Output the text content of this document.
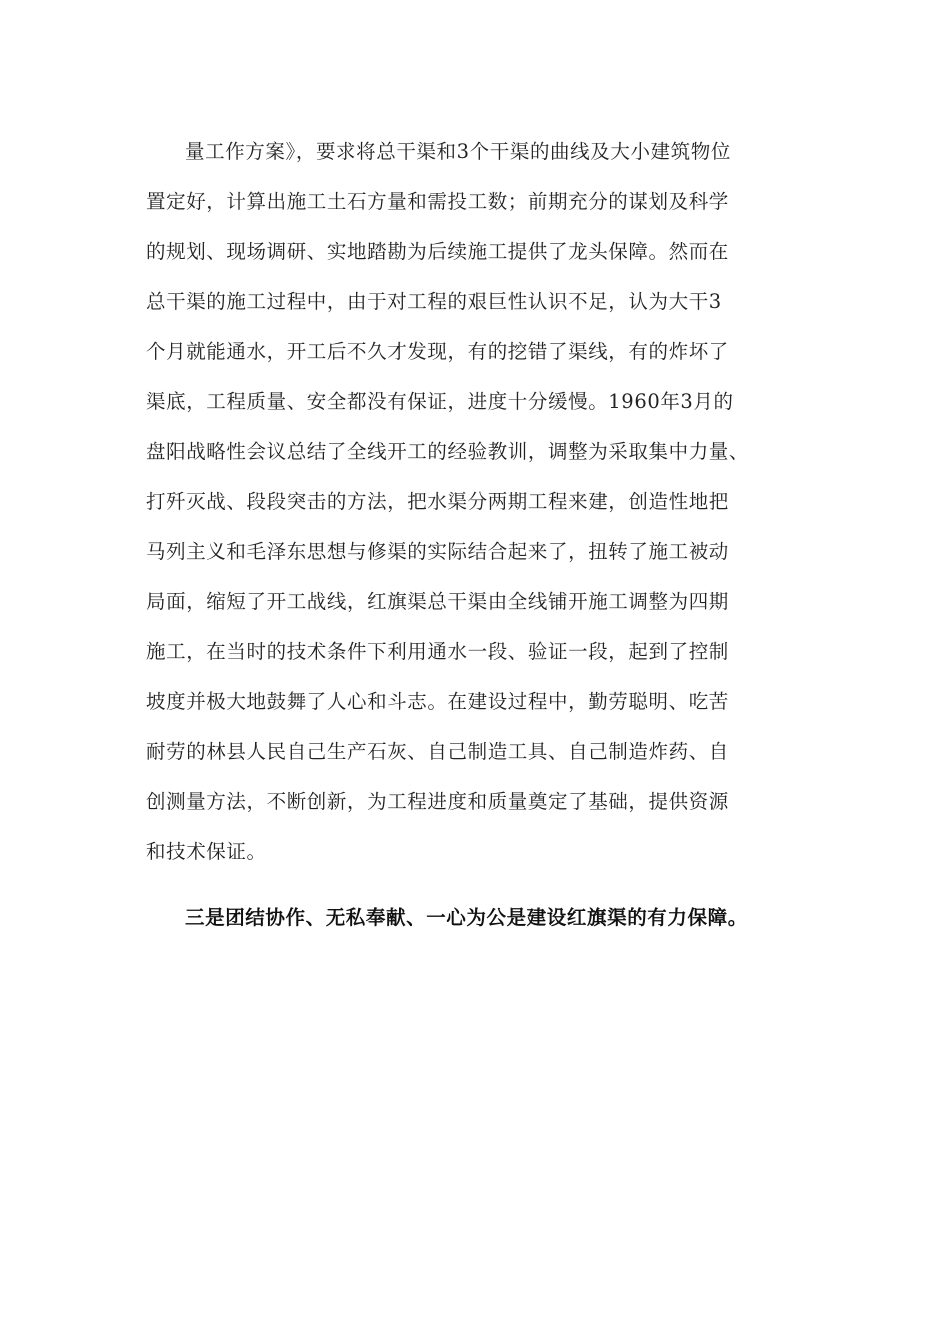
量工作方案》，要求将总干渠和3个干渠的曲线及大小建筑物位
置定好，计算出施工土石方量和需投工数；前期充分的谋划及科学
的规划、现场调研、实地踏勘为后续施工提供了龙头保障。然而在
总干渠的施工过程中，由于对工程的艰巨性认识不足，认为大干3
个月就能通水，开工后不久才发现，有的挖错了渠线，有的炸坏了
渠底，工程质量、安全都没有保证，进度十分缓慢。1960年3月的
盘阳战略性会议总结了全线开工的经验教训，调整为采取集中力量、
打歼灭战、段段突击的方法，把水渠分两期工程来建，创造性地把
马列主义和毛泽东思想与修渠的实际结合起来了，扭转了施工被动
局面，缩短了开工战线，红旗渠总干渠由全线铺开施工调整为四期
施工，在当时的技术条件下利用通水一段、验证一段，起到了控制
坡度并极大地鼓舞了人心和斗志。在建设过程中，勤劳聪明、吃苦
耐劳的林县人民自己生产石灰、自己制造工具、自己制造炸药、自
创测量方法，不断创新，为工程进度和质量奠定了基础，提供资源
和技术保证。
三是团结协作、无私奉献、一心为公是建设红旗渠的有力保障。
